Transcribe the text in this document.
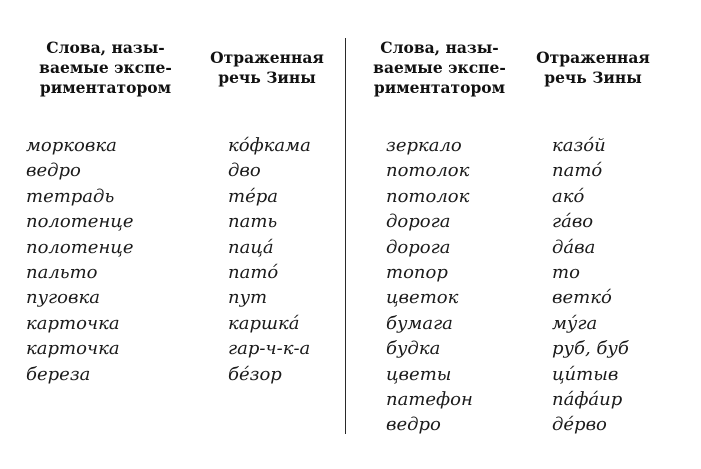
Слова, назы-
ваемые экспе-
риментатором
морковка
ведро
тетрадь
полотенце
полотенце
пальто
пуговка
карточка
карточка
береза
Отраженная
речь Зины
ко́фкама
дво
те́ра
пать
паца́
пато́
пут
каршка́
гар-ч-к-а
бе́зор
Слова, назы-
ваемые экспе-
риментатором
зеркало
потолок
потолок
дорога
дорога
топор
цветок
бумага
будка
цветы
патефон
ведро
Отраженная
речь Зины
казо́й
пато́
ако́
га́во
да́ва
то
ветко́
му́га
руб, буб
ци́тыв
па́фа́ир
де́рво
